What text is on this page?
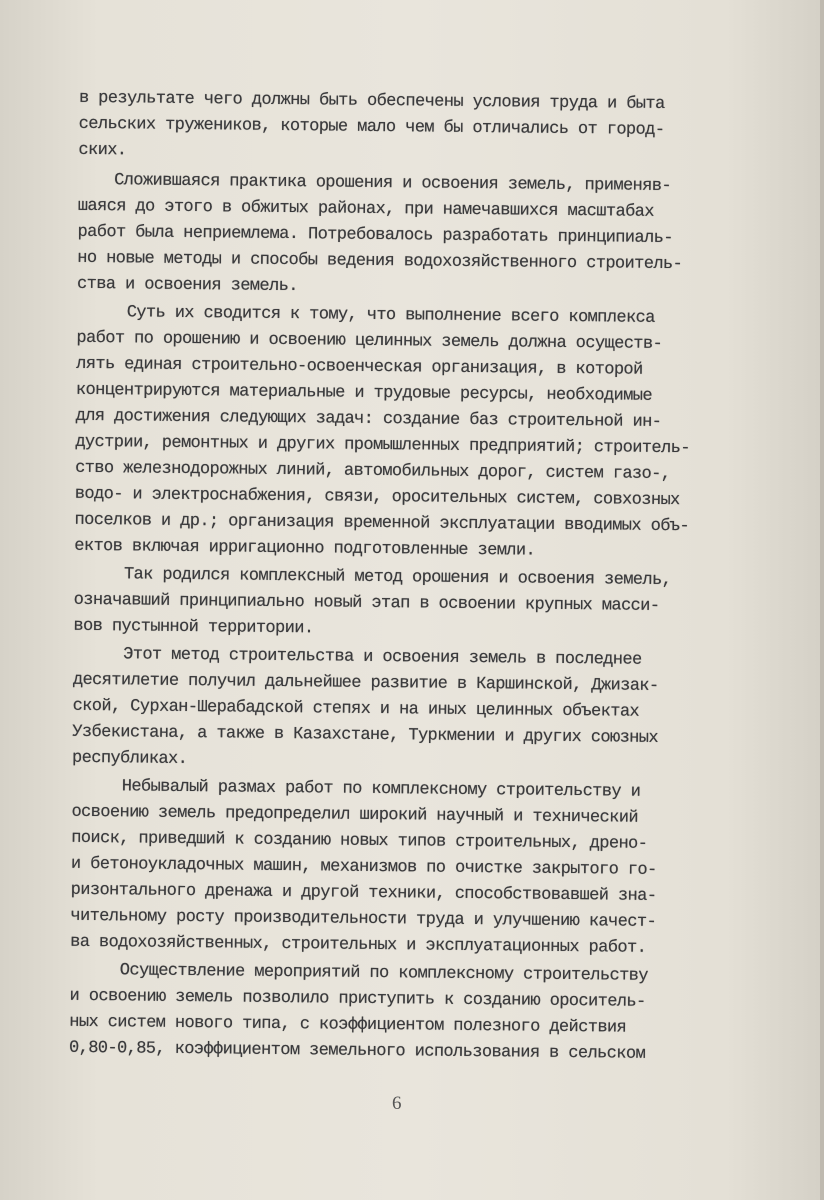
в результате чего должны быть обеспечены условия труда и быта

сельских тружеников, которые мало чем бы отличались от город-

ских.

Сложившаяся практика орошения и освоения земель, применяв-

шаяся до этого в обжитых районах, при намечавшихся масштабах

работ была неприемлема. Потребовалось разработать принципиаль-

но новые методы и способы ведения водохозяйственного строитель-

ства и освоения земель.

Суть их сводится к тому, что выполнение всего комплекса

работ по орошению и освоению целинных земель должна осуществ-

лять единая строительно-освоенческая организация, в которой

концентрируются материальные и трудовые ресурсы, необходимые

для достижения следующих задач: создание баз строительной ин-

дустрии, ремонтных и других промышленных предприятий; строитель-

ство железнодорожных линий, автомобильных дорог, систем газо-,

водо- и электроснабжения, связи, оросительных систем, совхозных

поселков и др.; организация временной эксплуатации вводимых объ-

ектов включая ирригационно подготовленные земли.

Так родился комплексный метод орошения и освоения земель,

означавший принципиально новый этап в освоении крупных масси-

вов пустынной территории.

Этот метод строительства и освоения земель в последнее

десятилетие получил дальнейшее развитие в Каршинской, Джизак-

ской, Сурхан-Шерабадской степях и на иных целинных объектах

Узбекистана, а также в Казахстане, Туркмении и других союзных

республиках.

Небывалый размах работ по комплексному строительству и

освоению земель предопределил широкий научный и технический

поиск, приведший к созданию новых типов строительных, дрено-

и бетоноукладочных машин, механизмов по очистке закрытого го-

ризонтального дренажа и другой техники, способствовавшей зна-

чительному росту производительности труда и улучшению качест-

ва водохозяйственных, строительных и эксплуатационных работ.

Осуществление мероприятий по комплексному строительству

и освоению земель позволило приступить к созданию ороситель-

ных систем нового типа, с коэффициентом полезного действия

0,80-0,85, коэффициентом земельного использования в сельском

6
